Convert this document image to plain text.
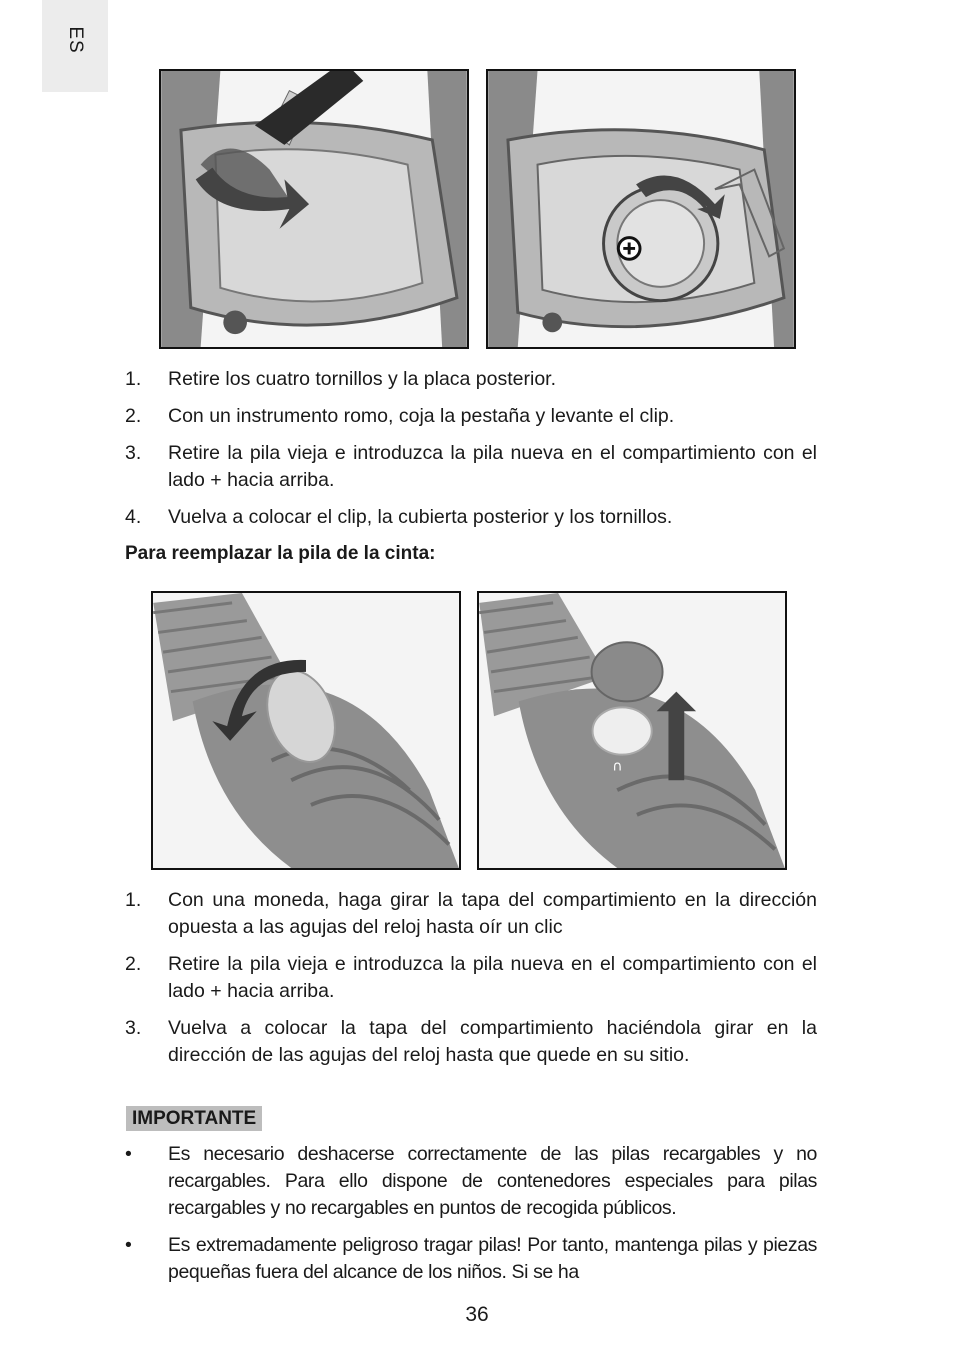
ES
1. Retire los cuatro tornillos y la placa posterior.
2. Con un instrumento romo, coja la pestaña y levante el clip.
3. Retire la pila vieja e introduzca la pila nueva en el compartimiento con el lado + hacia arriba.
4. Vuelva a colocar el clip, la cubierta posterior y los tornillos.
Para reemplazar la pila de la cinta:
∩
1. Con una moneda, haga girar la tapa del compartimiento en la dirección opuesta a las agujas del reloj hasta oír un clic
2. Retire la pila vieja e introduzca la pila nueva en el compartimiento con el lado + hacia arriba.
3. Vuelva a colocar la tapa del compartimiento haciéndola girar en la dirección de las agujas del reloj hasta que quede en su sitio.
IMPORTANTE
• Es necesario deshacerse correctamente de las pilas recargables y no recargables. Para ello dispone de contenedores especiales para pilas recargables y no recargables en puntos de recogida públicos.
• Es extremadamente peligroso tragar pilas! Por tanto, mantenga pilas y piezas pequeñas fuera del alcance de los niños. Si se ha
36
